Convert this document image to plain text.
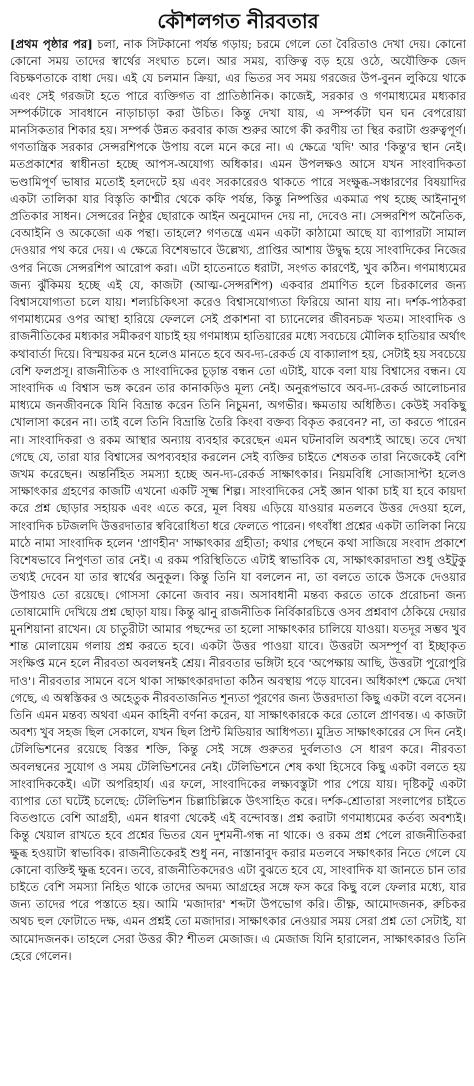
কৌশলগত নীরবতার

[প্রথম পৃষ্ঠার পর] চলা, নাক সিটকানো পর্যন্ত গড়ায়; চরমে গেলে তো বৈরিতাও দেখা দেয়। কোনো কোনো সময় তাদের স্বার্থের সংঘাত চলে। আর সময়, ব্যক্তিত্ব বড় হয়ে ওঠে, অযৌক্তিক জেদ বিচক্ষণতাকে বাধা দেয়। এই যে চলমান ক্রিয়া, এর ভিতর সব সময় গরজের উপ-বুনন লুকিয়ে থাকে এবং সেই গরজটা হতে পারে ব্যক্তিগত বা প্রাতিষ্ঠানিক। কাজেই, সরকার ও গণমাধ্যমের মধ্যকার সম্পর্কটাকে সাবধানে নাড়াচাড়া করা উচিত। কিন্তু দেখা যায়, এ সম্পর্কটা ঘন ঘন বেপরোয়া মানসিকতার শিকার হয়। সম্পর্ক উন্নত করবার কাজ শুরুর আগে কী করণীয় তা স্থির করাটা গুরুত্বপূর্ণ। গণতান্ত্রিক সরকার সেন্সরশিপকে উপায় বলে মনে করে না। এ ক্ষেত্রে 'যদি' আর 'কিন্তু'র স্থান নেই। মতপ্রকাশের স্বাধীনতা হচ্ছে আপস-অযোগ্য অধিকার। এমন উপলক্ষও আসে যখন সাংবাদিকতা ভণ্ডামিপূর্ণ ভাষার মতোই হলদেটে হয় এবং সরকারেরও থাকতে পারে সংক্ষুব্ধ-সঞ্চারণের বিষয়াদির একটা তালিকা যার বিস্তৃতি কাশ্মীর থেকে কফি পর্যন্ত, কিন্তু নিষ্পত্তির একমাত্র পথ হচ্ছে আইনানুগ প্রতিকার সাধন। সেন্সরের নিষ্ঠুর ছোরাকে আইন অনুমোদন দেয় না, দেবেও না। সেন্সরশিপ অনৈতিক, বেআইনি ও অকেজো এক পন্থা। তাহলে? গণতন্ত্রে এমন একটা কাঠামো আছে যা ব্যাপারটা সামাল দেওয়ার পথ করে দেয়। এ ক্ষেত্রে বিশেষভাবে উল্লেখ্য, প্রাপ্তির আশায় উদ্বুদ্ধ হয়ে সাংবাদিকের নিজের ওপর নিজে সেন্সরশিপ আরোপ করা। এটা হাতেনাতে ধরাটা, সংগত কারণেই, খুব কঠিন। গণমাধ্যমের জন্য ঝুঁকিময় হচ্ছে এই যে, কাজটা (আত্ম-সেন্সরশিপ) একবার প্রমাণিত হলে চিরকালের জন্য বিশ্বাসযোগ্যতা চলে যায়। শল্যচিকিৎসা করেও বিশ্বাসযোগ্যতা ফিরিয়ে আনা যায় না। দর্শক-পাঠকরা গণমাধ্যমের ওপর আস্থা হারিয়ে ফেললে সেই প্রকাশনা বা চ্যানেলের জীবনচক্র খতম। সাংবাদিক ও রাজনীতিকের মধ্যকার সমীকরণ যাচাই হয় গণমাধ্যম হাতিয়ারের মধ্যে সবচেয়ে মৌলিক হাতিয়ার অর্থাৎ কথাবার্তা দিয়ে। বিস্ময়কর মনে হলেও মানতে হবে অব-দ্য-রেকর্ড যে বাক্যালাপ হয়, সেটাই হয় সবচেয়ে বেশি ফলপ্রসূ। রাজনীতিক ও সাংবাদিকের চূড়ান্ত বন্ধন তো এটাই, যাকে বলা যায় বিশ্বাসের বন্ধন। যে সাংবাদিক এ বিশ্বাস ভঙ্গ করেন তার কানাকড়িও মূল্য নেই। অনুরূপভাবে অব-দ্য-রেকর্ড আলোচনার মাধ্যমে জনজীবনকে যিনি বিভ্রান্ত করেন তিনি নিচুমনা, অগভীর। ক্ষমতায় অধিষ্ঠিত। কেউই সবকিছু খোলাসা করেন না। তাই বলে তিনি বিভ্রান্তি তৈরি কিংবা বক্তব্য বিকৃত করবেন? না, তা করতে পারেন না। সাংবাদিকরা ও রকম আস্থার অন্যায় ব্যবহার করেছেন এমন ঘটনাবলি অবশ্যই আছে। তবে দেখা গেছে যে, তারা যার বিশ্বাসের অপব্যবহার করলেন সেই ব্যক্তির চাইতে শেষতক তারা নিজেকেই বেশি জখম করেছেন। অন্তর্নিহিত সমস্যা হচ্ছে অন-দ্য-রেকর্ড সাক্ষাৎকার। নিয়মবিধি সোজাসাপ্টা হলেও সাক্ষাৎকার গ্রহণের কাজটি এখনো একটি সূক্ষ্ম শিল্প। সাংবাদিকের সেই জ্ঞান থাকা চাই যা হবে কায়দা করে প্রশ্ন ছোড়ার সহায়ক এবং এতে করে, মূল বিষয় এড়িয়ে যাওয়ার মতলবে উত্তর দেওয়া হলে, সাংবাদিক চটজলদি উত্তরদাতার স্ববিরোধিতা ধরে ফেলতে পারেন। গৎবাঁধা প্রশ্নের একটা তালিকা নিয়ে মাঠে নামা সাংবাদিক হলেন 'প্রাণহীন' সাক্ষাৎকার গ্রহীতা; কথার পেছনে কথা সাজিয়ে সংবাদ প্রকাশে বিশেষভাবে নিপুণতা তার নেই। এ রকম পরিস্থিতিতে এটাই স্বাভাবিক যে, সাক্ষাৎকারদাতা শুধু ওইটুকু তথ্যই দেবেন যা তার স্বার্থের অনুকূল। কিন্তু তিনি যা বললেন না, তা বলতে তাকে উসকে দেওয়ার উপায়ও তো রয়েছে। গোসসা কোনো জবাব নয়। অসাবধানী মন্তব্য করতে তাকে প্ররোচনা জন্য তোষামোদি দেখিয়ে প্রশ্ন ছোড়া যায়। কিন্তু ঝানু রাজনীতিক নির্বিকারচিত্তে ওসব প্রশ্নবাণ ঠেকিয়ে দেয়ার মুনশিয়ানা রাখেন। যে চাতুরীটা আমার পছন্দের তা হলো সাক্ষাৎকার চালিয়ে যাওয়া। যতদূর সম্ভব খুব শান্ত মোলায়েম গলায় প্রশ্ন করতে হবে। একটা উত্তর পাওয়া যাবে। উত্তরটা অসম্পূর্ণ বা ইচ্ছাকৃত সংক্ষিপ্ত মনে হলে নীরবতা অবলম্বনই শ্রেয়। নীরবতার ভঙ্গিটা হবে 'অপেক্ষায় আছি, উত্তরটা পুরোপুরি দাও'। নীরবতার সামনে বসে থাকা সাক্ষাৎকারদাতা কঠিন অবস্থায় পড়ে যাবেন। অধিকাংশ ক্ষেত্রে দেখা গেছে, এ অস্বস্তিকর ও অহেতুক নীরবতাজনিত শূন্যতা পূরণের জন্য উত্তরদাতা কিছু একটা বলে বসেন। তিনি এমন মন্তব্য অথবা এমন কাহিনী বর্ণনা করেন, যা সাক্ষাৎকারকে করে তোলে প্রাণবন্ত। এ কাজটা অবশ্য খুব সহজ ছিল সেকালে, যখন ছিল প্রিন্ট মিডিয়ার আধিপত্য। মুদ্রিত সাক্ষাৎকারের সে দিন নেই। টেলিভিশনের রয়েছে বিস্তর শক্তি, কিন্তু সেই সঙ্গে গুরুতর দুর্বলতাও সে ধারণ করে। নীরবতা অবলম্বনের সুযোগ ও সময় টেলিভিশনের নেই। টেলিভিশনে শেষ কথা হিসেবে কিছু একটা বলতে হয় সাংবাদিককেই। এটা অপরিহার্য। এর ফলে, সাংবাদিকের লক্ষ্যবস্তুটা পার পেয়ে যায়। দৃষ্টিকটু একটা ব্যাপার তো ঘটেই চলেছে: টেলিভিশন চিল্লাচিল্লিকে উৎসাহিত করে। দর্শক-শ্রোতারা সংলাপের চাইতে বিতণ্ডাতে বেশি আগ্রহী, এমন ধারণা থেকেই এই বন্দোবস্ত। প্রশ্ন করাটা গণমাধ্যমের কর্তব্য অবশ্যই। কিন্তু খেয়াল রাখতে হবে প্রশ্নের ভিতর যেন দুশমনী-গন্ধ না থাকে। ও রকম প্রশ্ন পেলে রাজনীতিকরা ক্ষুব্ধ হওয়াটা স্বাভাবিক। রাজনীতিকেরই শুধু নন, নাস্তানাবুদ করার মতলবে সক্ষাৎকার নিতে গেলে যে কোনো ব্যক্তিই ক্ষুব্ধ হবেন। তবে, রাজনীতিকদেরও এটা বুঝতে হবে যে, সাংবাদিক যা জানতে চান তার চাইতে বেশি সমস্যা নিহিত থাকে তাদের অদম্য আগ্রহের সঙ্গে ফস করে কিছু বলে ফেলার মধ্যে, যার জন্য তাদের পরে পস্তাতে হয়। আমি 'মজাদার' শব্দটা উপভোগ করি। তীক্ষ্ণ, আমোদজনক, রুচিকর অথচ হুল ফোটাতে দক্ষ, এমন প্রশ্নই তো মজাদার। সাক্ষাৎকার নেওয়ার সময় সেরা প্রশ্ন তো সেটাই, যা আমোদজনক। তাহলে সেরা উত্তর কী? শীতল মেজাজ। এ মেজাজ যিনি হারালেন, সাক্ষাৎকারও তিনি হেরে গেলেন।
